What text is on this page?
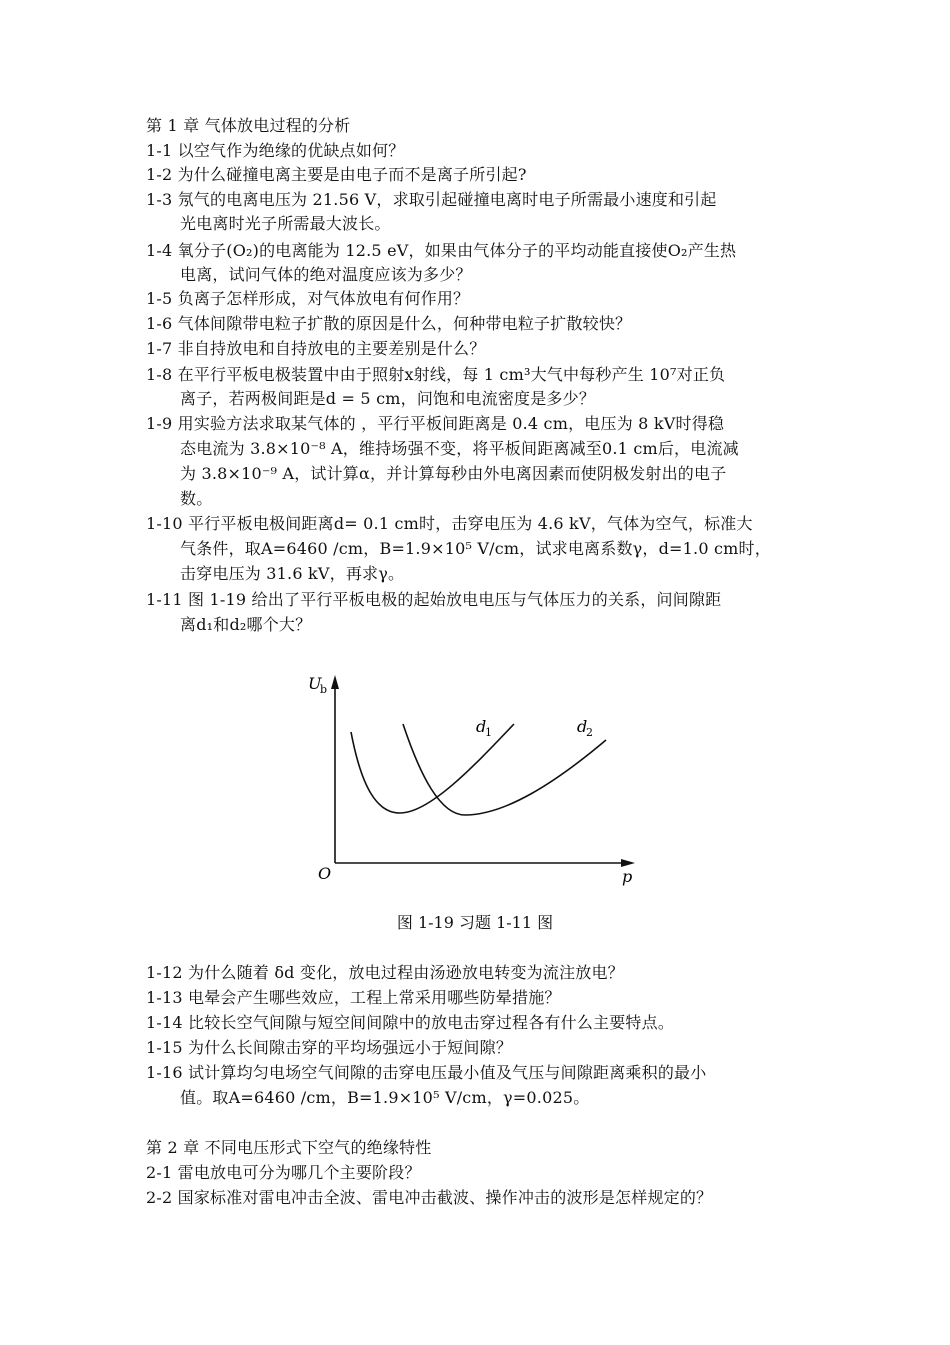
第 1 章 气体放电过程的分析
1-1 以空气作为绝缘的优缺点如何？
1-2 为什么碰撞电离主要是由电子而不是离子所引起?
1-3 氖气的电离电压为 21.56 V，求取引起碰撞电离时电子所需最小速度和引起
光电离时光子所需最大波长。
1-4 氧分子(O₂)的电离能为 12.5 eV，如果由气体分子的平均动能直接使O₂产生热
电离，试问气体的绝对温度应该为多少？
1-5 负离子怎样形成，对气体放电有何作用？
1-6 气体间隙带电粒子扩散的原因是什么，何种带电粒子扩散较快？
1-7 非自持放电和自持放电的主要差别是什么？
1-8 在平行平板电极装置中由于照射x射线，每 1 cm³大气中每秒产生 10⁷对正负
离子，若两极间距是d = 5 cm，问饱和电流密度是多少？
1-9 用实验方法求取某气体的 ，平行平板间距离是 0.4 cm，电压为 8 kV时得稳
态电流为 3.8×10⁻⁸ A，维持场强不变，将平板间距离减至0.1 cm后，电流减
为 3.8×10⁻⁹ A，试计算α，并计算每秒由外电离因素而使阴极发射出的电子
数。
1-10 平行平板电极间距离d= 0.1 cm时，击穿电压为 4.6 kV，气体为空气，标准大
气条件，取A=6460 /cm，B=1.9×10⁵ V/cm，试求电离系数γ，d=1.0 cm时，
击穿电压为 31.6 kV，再求γ。
1-11 图 1-19 给出了平行平板电极的起始放电电压与气体压力的关系，问间隙距
离d₁和d₂哪个大？
U
b
O	p
d
1	d
2
图 1-19 习题 1-11 图
1-12 为什么随着 δd 变化，放电过程由汤逊放电转变为流注放电？
1-13 电晕会产生哪些效应，工程上常采用哪些防晕措施？
1-14 比较长空气间隙与短空间间隙中的放电击穿过程各有什么主要特点。
1-15 为什么长间隙击穿的平均场强远小于短间隙？
1-16 试计算均匀电场空气间隙的击穿电压最小值及气压与间隙距离乘积的最小
值。取A=6460 /cm，B=1.9×10⁵ V/cm，γ=0.025。
第 2 章 不同电压形式下空气的绝缘特性
2-1 雷电放电可分为哪几个主要阶段？
2-2 国家标准对雷电冲击全波、雷电冲击截波、操作冲击的波形是怎样规定的？
